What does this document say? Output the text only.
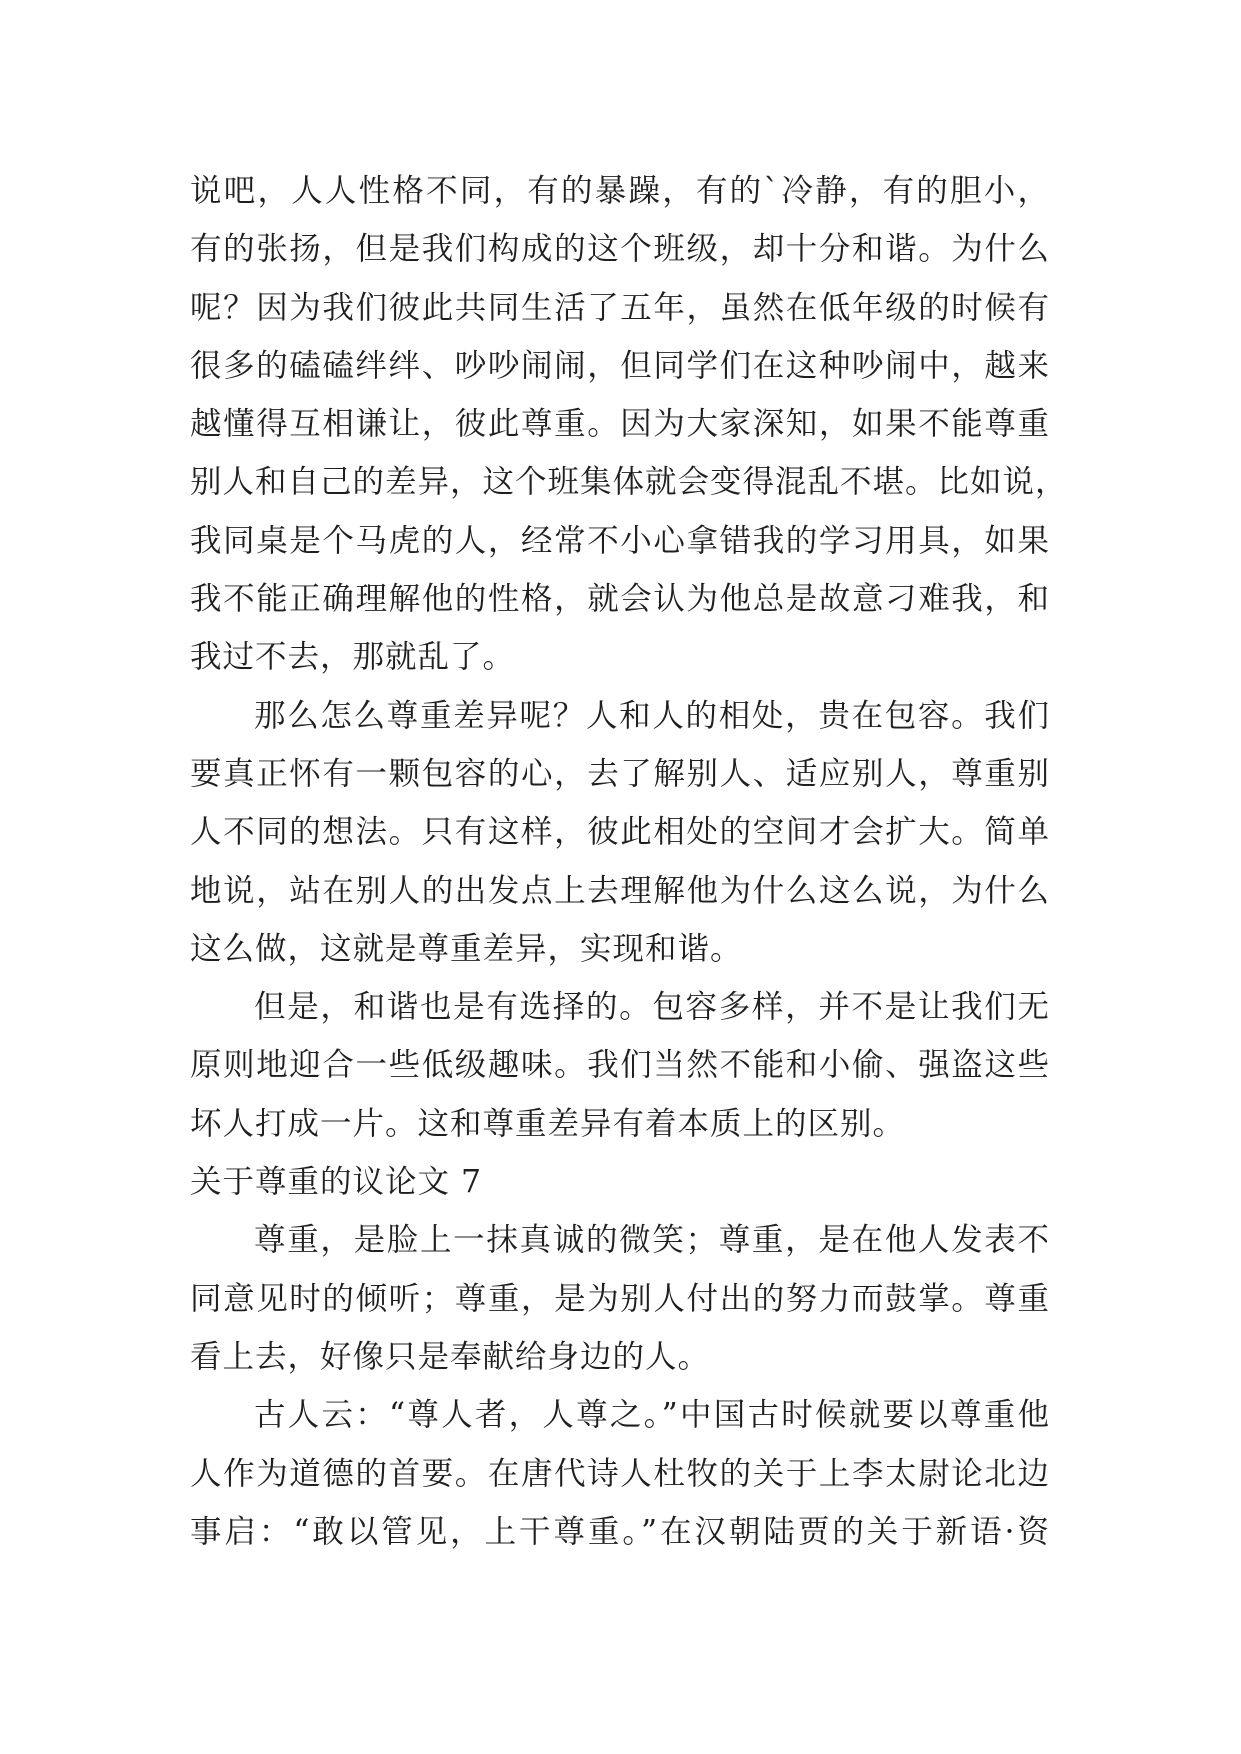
说吧，人人性格不同，有的暴躁，有的`冷静，有的胆小，
有的张扬，但是我们构成的这个班级，却十分和谐。为什么
呢？因为我们彼此共同生活了五年，虽然在低年级的时候有
很多的磕磕绊绊、吵吵闹闹，但同学们在这种吵闹中，越来
越懂得互相谦让，彼此尊重。因为大家深知，如果不能尊重
别人和自己的差异，这个班集体就会变得混乱不堪。比如说，
我同桌是个马虎的人，经常不小心拿错我的学习用具，如果
我不能正确理解他的性格，就会认为他总是故意刁难我，和
我过不去，那就乱了。
那么怎么尊重差异呢？人和人的相处，贵在包容。我们
要真正怀有一颗包容的心，去了解别人、适应别人，尊重别
人不同的想法。只有这样，彼此相处的空间才会扩大。简单
地说，站在别人的出发点上去理解他为什么这么说，为什么
这么做，这就是尊重差异，实现和谐。
但是，和谐也是有选择的。包容多样，并不是让我们无
原则地迎合一些低级趣味。我们当然不能和小偷、强盗这些
坏人打成一片。这和尊重差异有着本质上的区别。
关于尊重的议论文 7
尊重，是脸上一抹真诚的微笑；尊重，是在他人发表不
同意见时的倾听；尊重，是为别人付出的努力而鼓掌。尊重
看上去，好像只是奉献给身边的人。
古人云：“尊人者，人尊之。”中国古时候就要以尊重他
人作为道德的首要。在唐代诗人杜牧的关于上李太尉论北边
事启：“敢以管见，上干尊重。”在汉朝陆贾的关于新语·资
